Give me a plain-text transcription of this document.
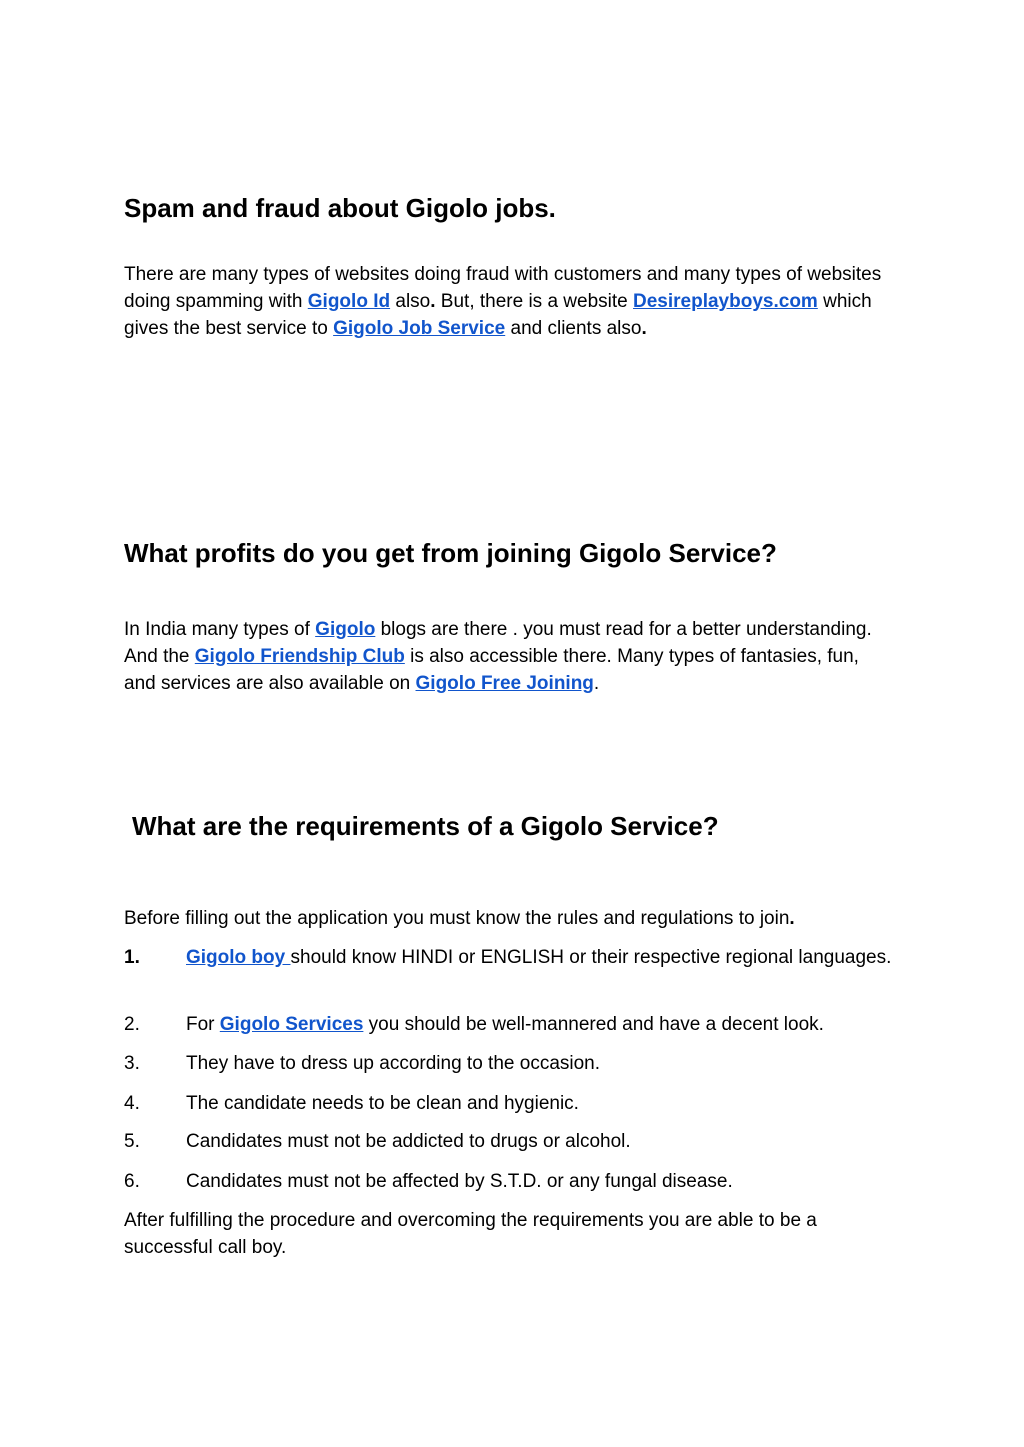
Spam and fraud about Gigolo jobs.

There are many types of websites doing fraud with customers and many types of websites doing spamming with Gigolo Id also. But, there is a website Desireplayboys.com which gives the best service to Gigolo Job Service and clients also.

What profits do you get from joining Gigolo Service?

In India many types of Gigolo blogs are there . you must read for a better understanding. And the Gigolo Friendship Club is also accessible there. Many types of fantasies, fun, and services are also available on Gigolo Free Joining.

What are the requirements of a Gigolo Service?

Before filling out the application you must know the rules and regulations to join.

1. Gigolo boy should know HINDI or ENGLISH or their respective regional languages.
2. For Gigolo Services you should be well-mannered and have a decent look.
3. They have to dress up according to the occasion.
4. The candidate needs to be clean and hygienic.
5. Candidates must not be addicted to drugs or alcohol.
6. Candidates must not be affected by S.T.D. or any fungal disease.

After fulfilling the procedure and overcoming the requirements you are able to be a successful call boy.
